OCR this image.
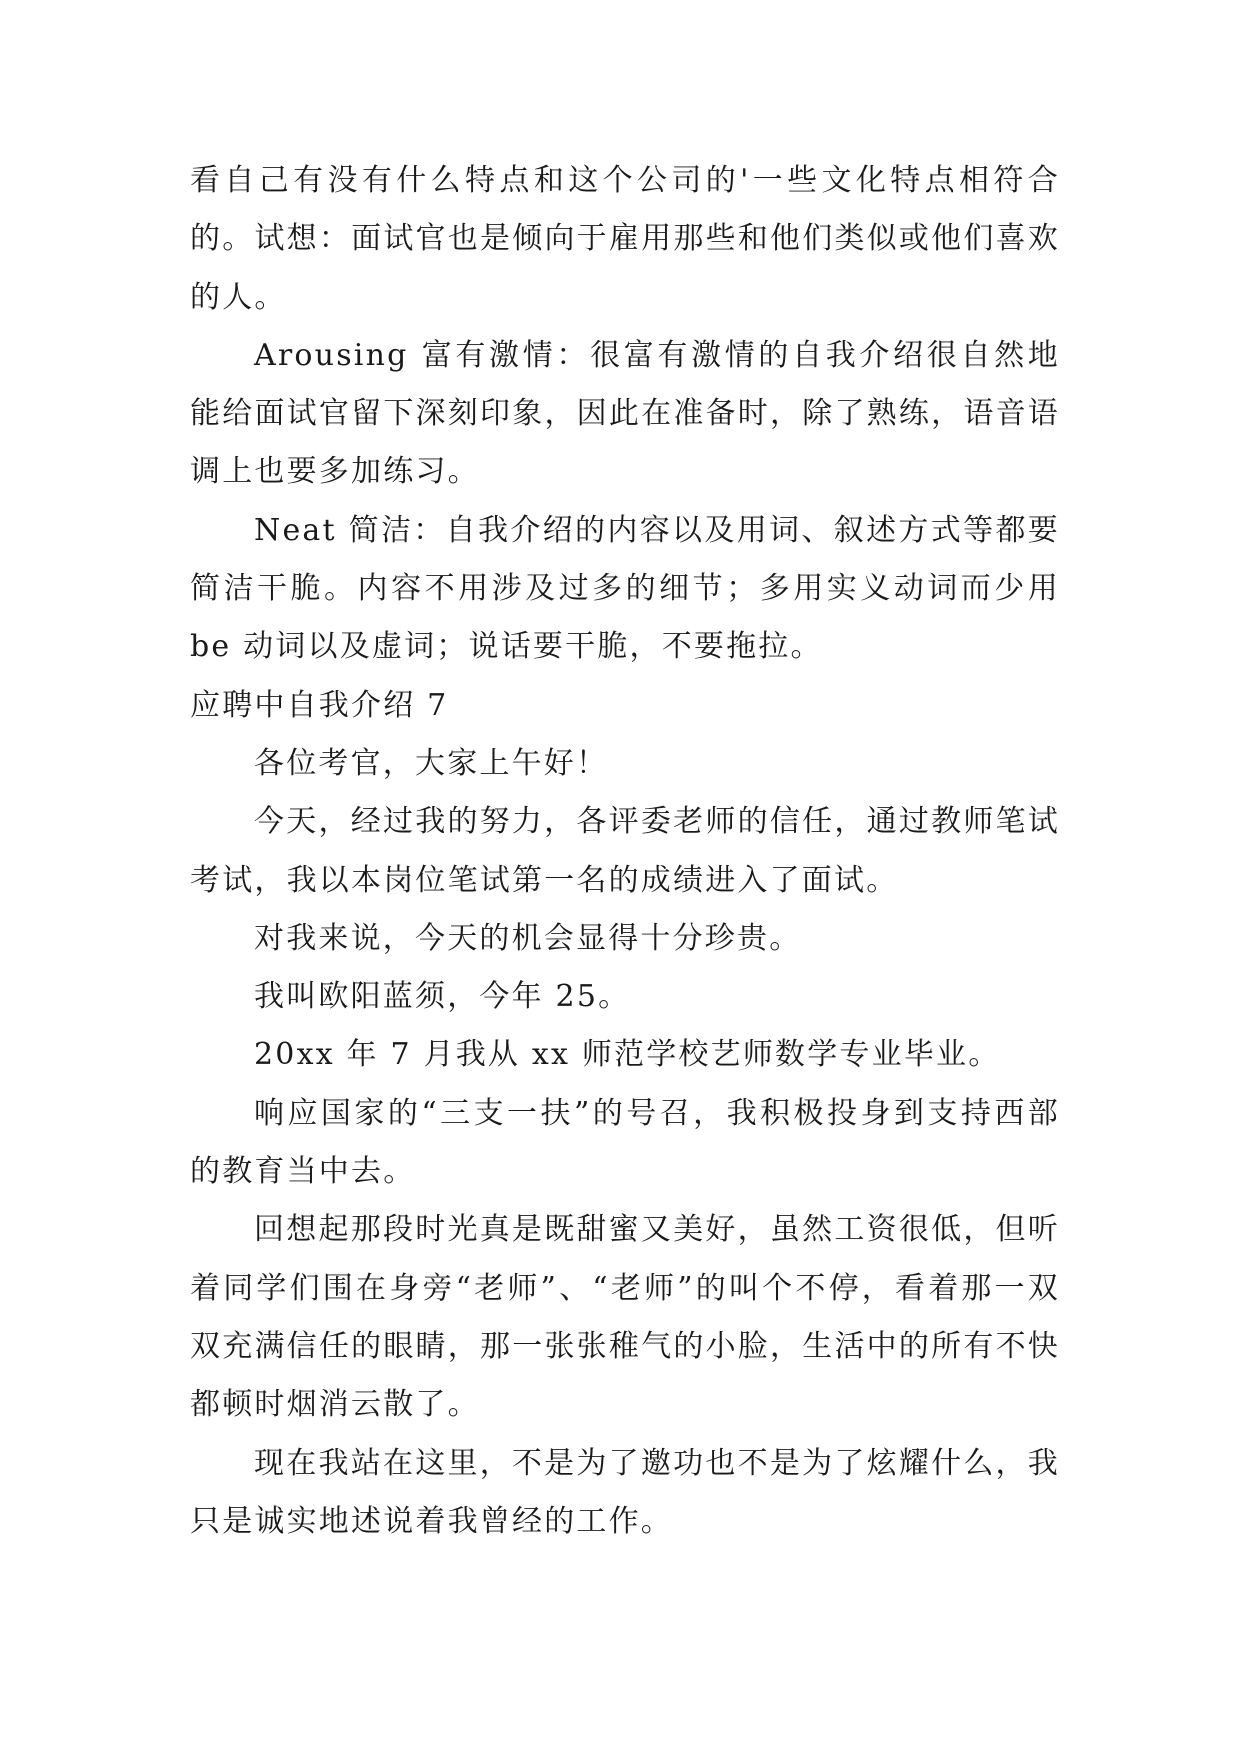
看自己有没有什么特点和这个公司的'一些文化特点相符合的。试想：面试官也是倾向于雇用那些和他们类似或他们喜欢的人。

Arousing 富有激情：很富有激情的自我介绍很自然地能给面试官留下深刻印象，因此在准备时，除了熟练，语音语调上也要多加练习。

Neat 简洁：自我介绍的内容以及用词、叙述方式等都要简洁干脆。内容不用涉及过多的细节；多用实义动词而少用be 动词以及虚词；说话要干脆，不要拖拉。

应聘中自我介绍 7

各位考官，大家上午好！

今天，经过我的努力，各评委老师的信任，通过教师笔试考试，我以本岗位笔试第一名的成绩进入了面试。

对我来说，今天的机会显得十分珍贵。

我叫欧阳蓝须，今年 25。

20xx 年 7 月我从 xx 师范学校艺师数学专业毕业。

响应国家的“三支一扶”的号召，我积极投身到支持西部的教育当中去。

回想起那段时光真是既甜蜜又美好，虽然工资很低，但听着同学们围在身旁“老师”、“老师”的叫个不停，看着那一双双充满信任的眼睛，那一张张稚气的小脸，生活中的所有不快都顿时烟消云散了。

现在我站在这里，不是为了邀功也不是为了炫耀什么，我只是诚实地述说着我曾经的工作。
